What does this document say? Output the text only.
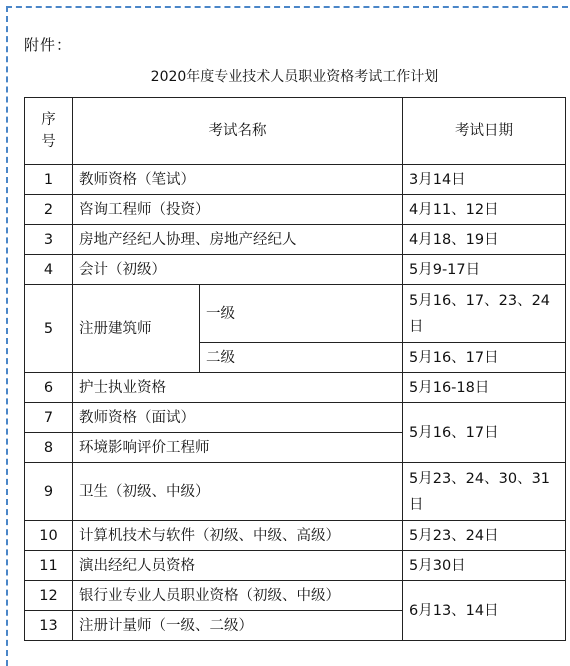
附件：
2020年度专业技术人员职业资格考试工作计划
序
号	考试名称		考试日期
1	教师资格（笔试）		3月14日
2	咨询工程师（投资）		4月11、12日
3	房地产经纪人协理、房地产经纪人		4月18、19日
4	会计（初级）		5月9-17日
5	注册建筑师	一级	5月16、17、23、24
日

		二级	5月16、17日
6	护士执业资格		5月16-18日
7	教师资格（面试）		5月16、17日
8	环境影响评价工程师		
9	卫生（初级、中级）		5月23、24、30、31
日

10	计算机技术与软件（初级、中级、高级）		5月23、24日
11	演出经纪人员资格		5月30日
12	银行业专业人员职业资格（初级、中级）		6月13、14日
13	注册计量师（一级、二级）		
